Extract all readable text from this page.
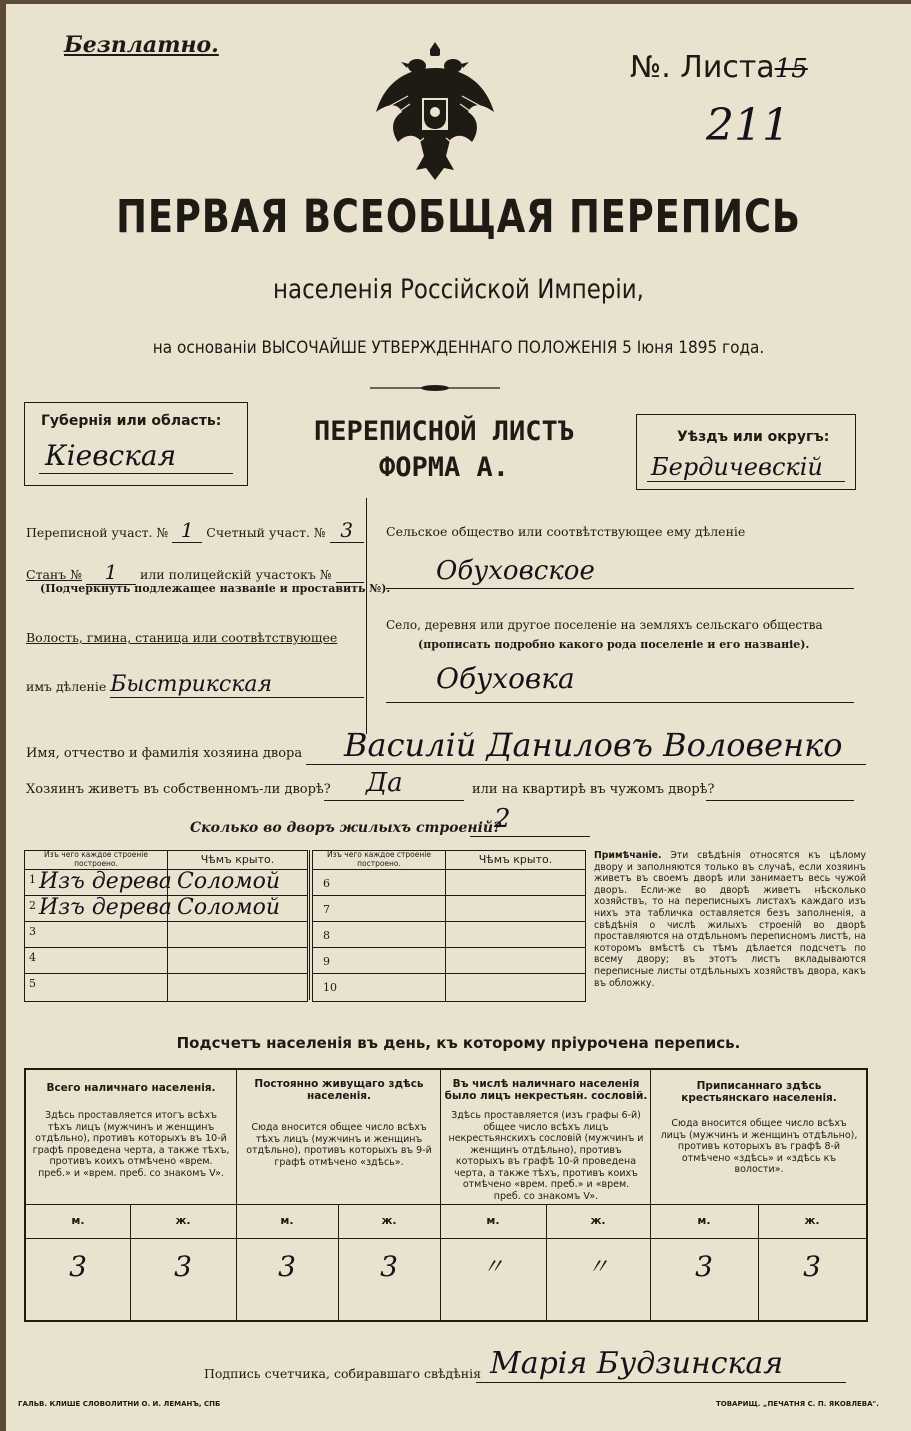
Безплатно.
№. Листа15
211
ПЕРВАЯ ВСЕОБЩАЯ ПЕРЕПИСЬ
населенія Россійской Имперіи,
на основаніи ВЫСОЧАЙШЕ УТВЕРЖДЕННАГО ПОЛОЖЕНІЯ 5 Іюня 1895 года.
Губернія или область:
Кіевская
ПЕРЕПИСНОЙ ЛИСТЪ
ФОРМА А.
Уѣздъ или округъ:
Бердичевскій
Переписной участ. № 1 Счетный участ. № 3
Станъ № 1 или полицейскій участокъ №
(Подчеркнуть подлежащее названіе и проставить №).
Волость, гмина, станица или соотвѣтствующее
имъ дѣленіе Быстрикская
Сельское общество или соотвѣтствующее ему дѣленіе
Обуховское
Село, деревня или другое поселеніе на земляхъ сельскаго общества
(прописать подробно какого рода поселеніе и его названіе).
Обуховка
Имя, отчество и фамилія хозяина двора Василій Даниловъ Воловенко
Хозяинъ живетъ въ собственномъ-ли дворѣ? Да	или на квартирѣ въ чужомъ дворѣ?
Сколько во дворъ жилыхъ строеній?
2
Изъ чего каждое строеніе построено.	Чѣмъ крыто.
1 Изъ дерева Соломой
2 Изъ дерева Соломой
3
4
5
Изъ чего каждое строеніе построено.	Чѣмъ крыто.
6
7
8
9
10
Примѣчаніе. Эти свѣдѣнія относятся къ цѣлому двору и заполняются только въ случаѣ, если хозяинъ живетъ въ своемъ дворѣ или занимаетъ весь чужой дворъ. Если-же во дворѣ живетъ нѣсколько хозяйствъ, то на переписныхъ листахъ каждаго изъ нихъ эта табличка оставляется безъ заполненія, а свѣдѣнія о числѣ жилыхъ строеній во дворѣ проставляются на отдѣльномъ переписномъ листѣ, на которомъ вмѣстѣ съ тѣмъ дѣлается подсчетъ по всему двору; въ этотъ листъ вкладываются переписные листы отдѣльныхъ хозяйствъ двора, какъ въ обложку.
Подсчетъ населенія въ день, къ которому пріурочена перепись.
Всего наличнаго населенія.
Здѣсь проставляется итогъ всѣхъ тѣхъ лицъ (мужчинъ и женщинъ отдѣльно), противъ которыхъ въ 10-й графѣ проведена черта, а также тѣхъ, противъ коихъ отмѣчено «врем. преб.» и «врем. преб. со знакомъ V».
Постоянно живущаго здѣсь населенія.
Сюда вносится общее число всѣхъ тѣхъ лицъ (мужчинъ и женщинъ отдѣльно), противъ которыхъ въ 9-й графѣ отмѣчено «здѣсь».
Въ числѣ наличнаго населенія было лицъ некрестьян. сословій.
Здѣсь проставляется (изъ графы 6-й) общее число всѣхъ лицъ некрестьянскихъ сословій (мужчинъ и женщинъ отдѣльно), противъ которыхъ въ графѣ 10-й проведена черта, а также тѣхъ, противъ коихъ отмѣчено «врем. преб.» и «врем. преб. со знакомъ V».
Приписаннаго здѣсь крестьянскаго населенія.
Сюда вносится общее число всѣхъ лицъ (мужчинъ и женщинъ отдѣльно), противъ которыхъ въ графѣ 8-й отмѣчено «здѣсь» и «здѣсь къ волости».
м.	ж.	м.	ж.	м.	ж.	м.	ж.
3	3	3	3	〃	〃	3	3
Подпись счетчика, собиравшаго свѣдѣнія Марія Будзинская
ГАЛЬВ. КЛИШЕ СЛОВОЛИТНИ О. И. ЛЕМАНЪ, СПБ	ТОВАРИЩ. „ПЕЧАТНЯ С. П. ЯКОВЛЕВА".
